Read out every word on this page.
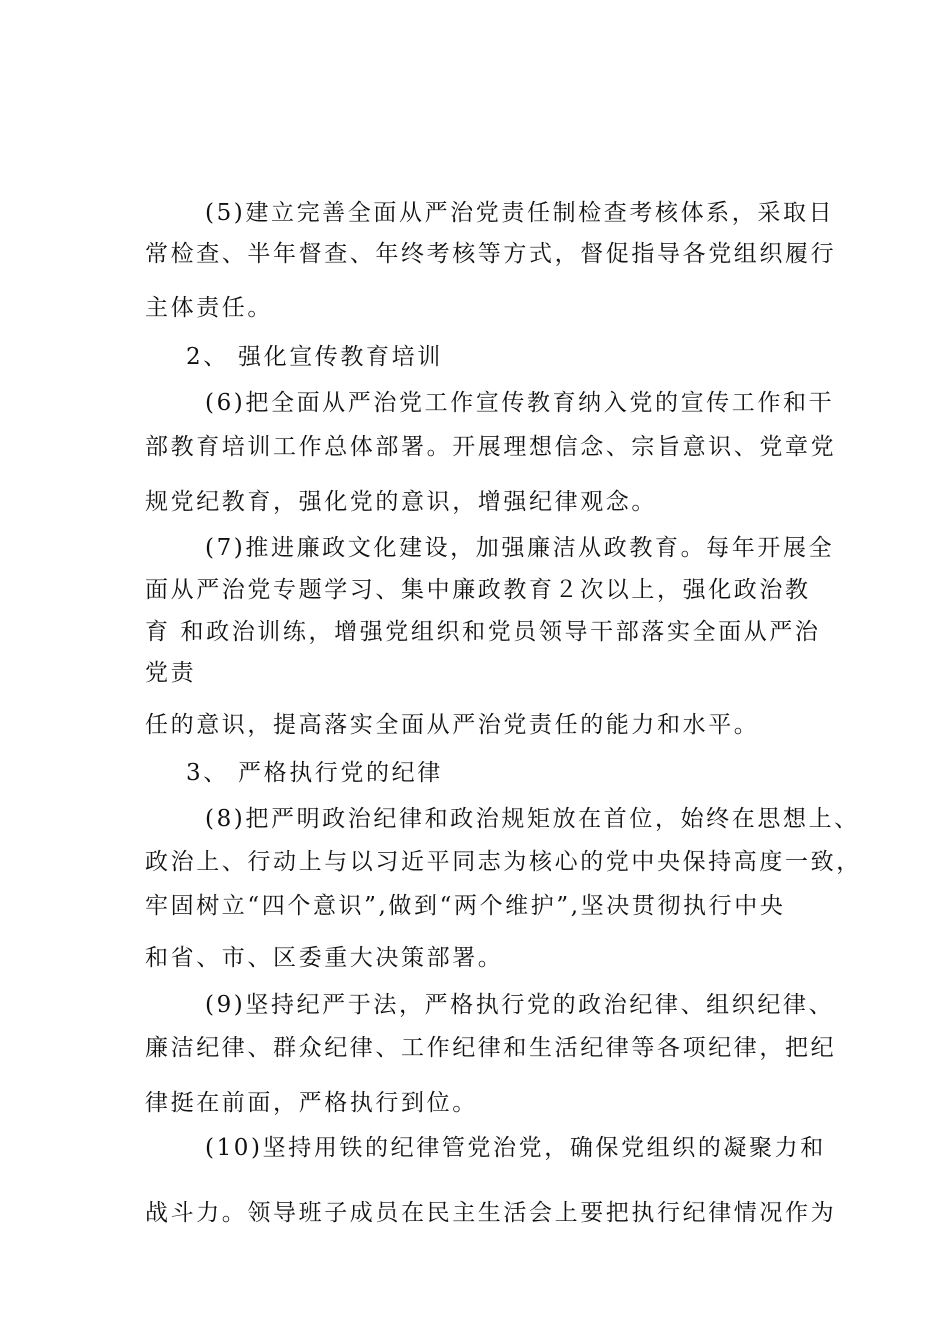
(5)建立完善全面从严治党责任制检查考核体系，采取日
常检查、半年督查、年终考核等方式，督促指导各党组织履行
主体责任。
2、 强化宣传教育培训
(6)把全面从严治党工作宣传教育纳入党的宣传工作和干
部教育培训工作总体部署。开展理想信念、宗旨意识、党章党
规党纪教育，强化党的意识，增强纪律观念。
(7)推进廉政文化建设，加强廉洁从政教育。每年开展全
面从严治党专题学习、集中廉政教育２次以上，强化政治教
育 和政治训练，增强党组织和党员领导干部落实全面从严治
党责
任的意识，提高落实全面从严治党责任的能力和水平。
3、 严格执行党的纪律
(8)把严明政治纪律和政治规矩放在首位，始终在思想上、
政治上、行动上与以习近平同志为核心的党中央保持高度一致，
牢固树立“四个意识”,做到“两个维护”,坚决贯彻执行中央
和省、市、区委重大决策部署。
(9)坚持纪严于法，严格执行党的政治纪律、组织纪律、
廉洁纪律、群众纪律、工作纪律和生活纪律等各项纪律，把纪
律挺在前面，严格执行到位。
(10)坚持用铁的纪律管党治党，确保党组织的凝聚力和
战斗力。领导班子成员在民主生活会上要把执行纪律情况作为
